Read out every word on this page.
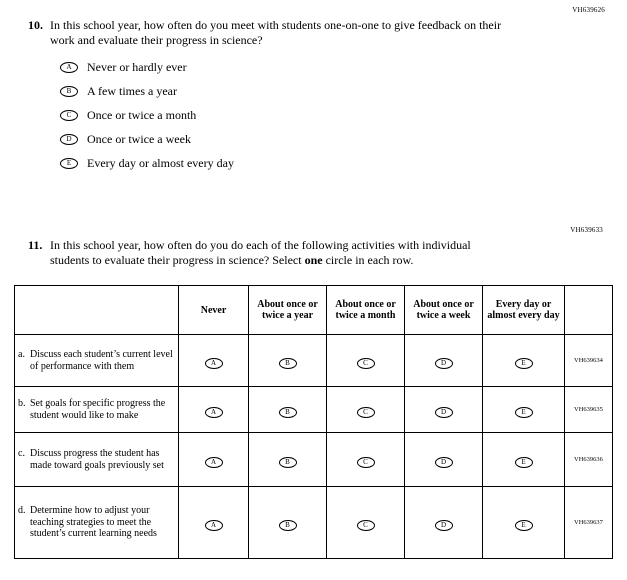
VH639626
10. In this school year, how often do you meet with students one-on-one to give feedback on their work and evaluate their progress in science?
A Never or hardly ever
B A few times a year
C Once or twice a month
D Once or twice a week
E Every day or almost every day
VH639633
11. In this school year, how often do you do each of the following activities with individual students to evaluate their progress in science? Select one circle in each row.
	Never	About once or twice a year	About once or twice a month	About once or twice a week	Every day or almost every day	

a. Discuss each student’s current level of performance with them	A	B	C	D	E	VH639634

b. Set goals for specific progress the student would like to make	A	B	C	D	E	VH639635

c. Discuss progress the student has made toward goals previously set	A	B	C	D	E	VH639636

d. Determine how to adjust your teaching strategies to meet the student’s current learning needs	A	B	C	D	E	VH639637
